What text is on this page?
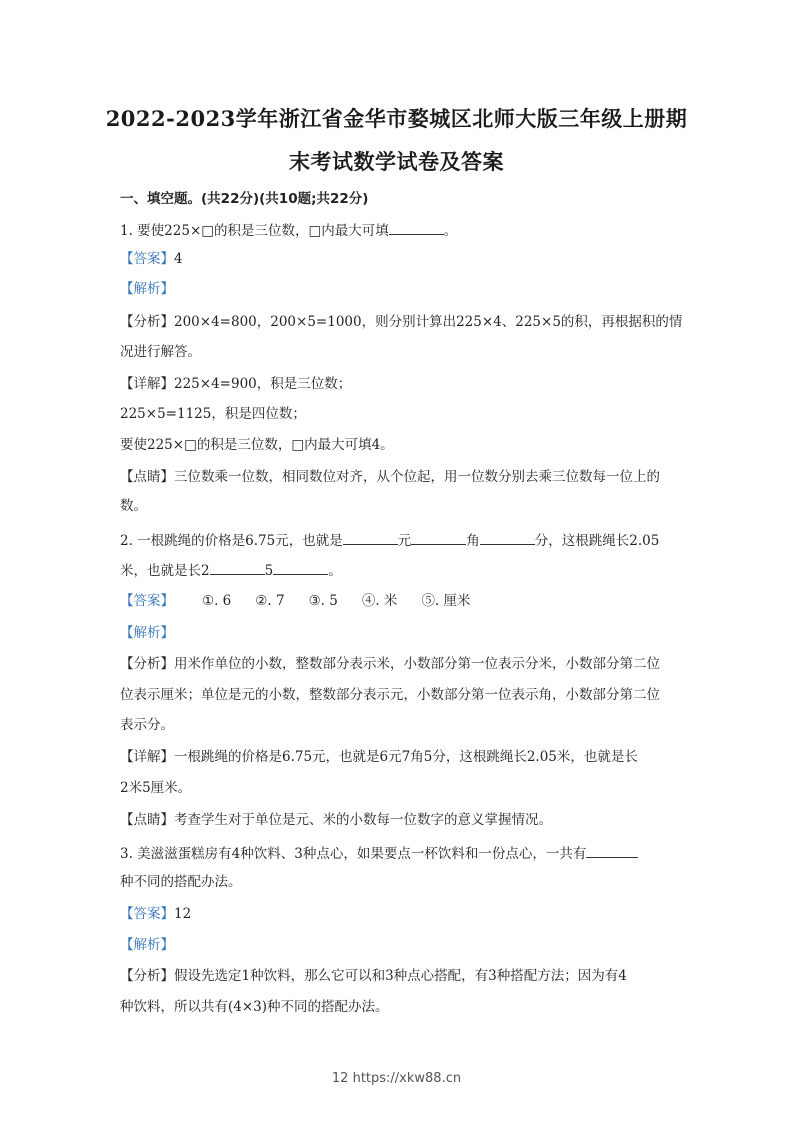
2022-2023学年浙江省金华市婺城区北师大版三年级上册期
末考试数学试卷及答案
一、填空题。(共22分)(共10题;共22分)
1. 要使225×□的积是三位数，□内最大可填	。
【答案】4
【解析】
【分析】200×4=800，200×5=1000，则分别计算出225×4、225×5的积，再根据积的情
况进行解答。
【详解】225×4=900，积是三位数；
225×5=1125，积是四位数；
要使225×□的积是三位数，□内最大可填4。
【点睛】三位数乘一位数，相同数位对齐，从个位起，用一位数分别去乘三位数每一位上的
数。
2. 一根跳绳的价格是6.75元，也就是	元	角	分，这根跳绳长2.05
米，也就是长2	5	。
【答案】 ①. 6 ②. 7 ③. 5 ④. 米 ⑤. 厘米
【解析】
【分析】用米作单位的小数，整数部分表示米，小数部分第一位表示分米，小数部分第二位
位表示厘米；单位是元的小数，整数部分表示元，小数部分第一位表示角，小数部分第二位
表示分。
【详解】一根跳绳的价格是6.75元，也就是6元7角5分，这根跳绳长2.05米，也就是长
2米5厘米。
【点睛】考查学生对于单位是元、米的小数每一位数字的意义掌握情况。
3. 美滋滋蛋糕房有4种饮料、3种点心，如果要点一杯饮料和一份点心，一共有
种不同的搭配办法。
【答案】12
【解析】
【分析】假设先选定1种饮料，那么它可以和3种点心搭配，有3种搭配方法；因为有4
种饮料，所以共有(4×3)种不同的搭配办法。
12 https://xkw88.cn
